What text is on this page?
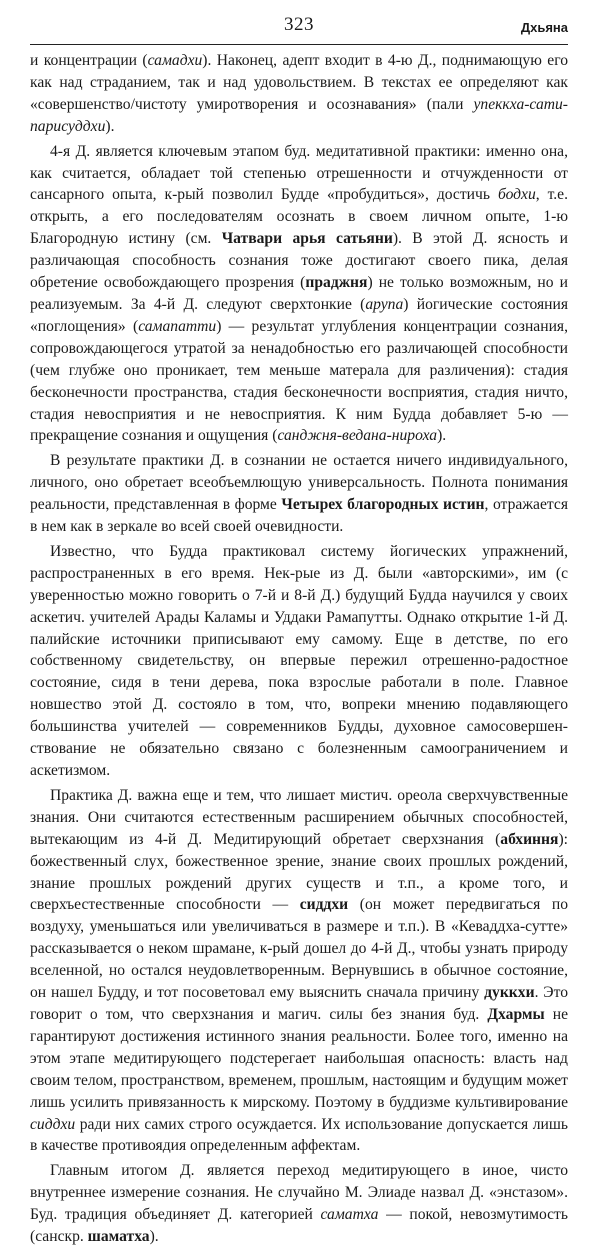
323	Дхьяна

и концентрации (самадхи). Наконец, адепт входит в 4-ю Д., поднимающую его как над страданием, так и над удовольствием. В текстах ее определяют как «совершенство/чистоту умиротворения и осознавания» (пали упеккха-сати-парисуддхи).

4-я Д. является ключевым этапом буд. медитативной практики: именно она, как считается, обладает той степенью отрешенности и отчужденности от сансарного опыта, к-рый позволил Будде «пробудиться», достичь бодхи, т.е. открыть, а его последователям осознать в своем личном опыте, 1-ю Благородную истину (см. Чатвари арья сатьяни). В этой Д. ясность и различающая способность сознания тоже достигают своего пика, делая обретение освобождающего прозрения (праджня) не только возможным, но и реализуемым. За 4-й Д. следуют сверхтонкие (арупа) йогические состояния «поглощения» (самапатти) — результат углубления концентрации сознания, сопровождающегося утратой за ненадобностью его различающей способности (чем глубже оно проникает, тем меньше матерала для различения): стадия бесконечности пространства, стадия бесконечности восприятия, стадия ничто, стадия невосприятия и не невосприятия. К ним Будда добавляет 5-ю — прекращение сознания и ощущения (санджня-ведана-нироха).

В результате практики Д. в сознании не остается ничего индивидуального, личного, оно обретает всеобъемлющую универсальность. Полнота понимания реальности, представленная в форме Четырех благородных истин, отражается в нем как в зеркале во всей своей очевидности.

Известно, что Будда практиковал систему йогических упражнений, распространенных в его время. Нек-рые из Д. были «авторскими», им (с уверенностью можно говорить о 7-й и 8-й Д.) будущий Будда научился у своих аскетич. учителей Арады Каламы и Уддаки Рамапутты. Однако открытие 1-й Д. палийские источники приписывают ему самому. Еще в детстве, по его собственному свидетельству, он впервые пережил отрешенно-радостное состояние, сидя в тени дерева, пока взрослые работали в поле. Главное новшество этой Д. состояло в том, что, вопреки мнению подавляющего большинства учителей — современников Будды, духовное самосовершенствование не обязательно связано с болезненным самоограничением и аскетизмом.

Практика Д. важна еще и тем, что лишает мистич. ореола сверхчувственные знания. Они считаются естественным расширением обычных способностей, вытекающим из 4-й Д. Медитирующий обретает сверхзнания (абхиння): божественный слух, божественное зрение, знание своих прошлых рождений, знание прошлых рождений других существ и т.п., а кроме того, и сверхъестественные способности — сиддхи (он может передвигаться по воздуху, уменьшаться или увеличиваться в размере и т.п.). В «Кеваддха-сутте» рассказывается о неком шрамане, к-рый дошел до 4-й Д., чтобы узнать природу вселенной, но остался неудовлетворенным. Вернувшись в обычное состояние, он нашел Будду, и тот посоветовал ему выяснить сначала причину дуккхи. Это говорит о том, что сверхзнания и магич. силы без знания буд. Дхармы не гарантируют достижения истинного знания реальности. Более того, именно на этом этапе медитирующего подстерегает наибольшая опасность: власть над своим телом, пространством, временем, прошлым, настоящим и будущим может лишь усилить привязанность к мирскому. Поэтому в буддизме культивирование сиддхи ради них самих строго осуждается. Их использование допускается лишь в качестве противоядия определенным аффектам.

Главным итогом Д. является переход медитирующего в иное, чисто внутреннее измерение сознания. Не случайно М. Элиаде назвал Д. «энстазом». Буд. традиция объединяет Д. категорией саматха — покой, невозмутимость (санскр. шаматха).
